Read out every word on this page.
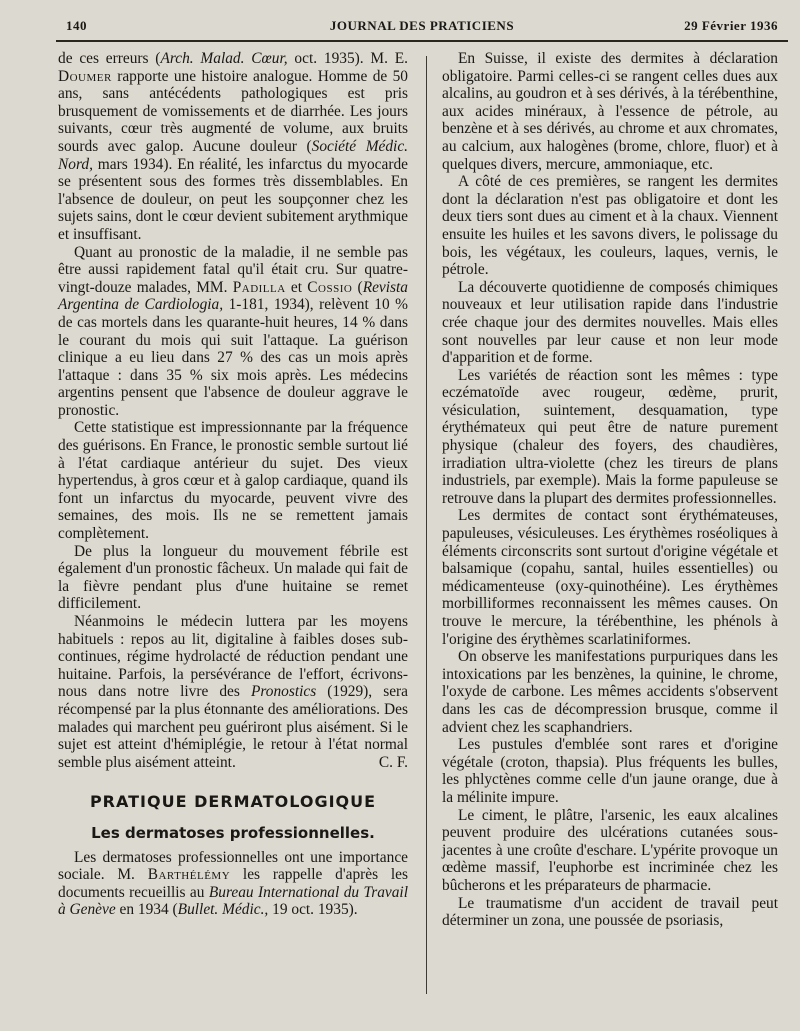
140	JOURNAL DES PRATICIENS	29 Février 1936

de ces erreurs (Arch. Malad. Cœur, oct. 1935). M. E. Doumer rapporte une histoire analogue. Homme de 50 ans, sans antécédents pathologiques est pris brusquement de vomissements et de diarrhée. Les jours suivants, cœur très augmenté de volume, aux bruits sourds avec galop. Aucune douleur (Société Médic. Nord, mars 1934). En réalité, les infarctus du myocarde se présentent sous des formes très dissemblables. En l'absence de douleur, on peut les soupçonner chez les sujets sains, dont le cœur devient subitement arythmique et insuffisant.

Quant au pronostic de la maladie, il ne semble pas être aussi rapidement fatal qu'il était cru. Sur quatre-vingt-douze malades, MM. Padilla et Cossio (Revista Argentina de Cardiologia, 1-181, 1934), relèvent 10 % de cas mortels dans les quarante-huit heures, 14 % dans le courant du mois qui suit l'attaque. La guérison clinique a eu lieu dans 27 % des cas un mois après l'attaque : dans 35 % six mois après. Les médecins argentins pensent que l'absence de douleur aggrave le pronostic.

Cette statistique est impressionnante par la fréquence des guérisons. En France, le pronostic semble surtout lié à l'état cardiaque antérieur du sujet. Des vieux hypertendus, à gros cœur et à galop cardiaque, quand ils font un infarctus du myocarde, peuvent vivre des semaines, des mois. Ils ne se remettent jamais complètement.

De plus la longueur du mouvement fébrile est également d'un pronostic fâcheux. Un malade qui fait de la fièvre pendant plus d'une huitaine se remet difficilement.

Néanmoins le médecin luttera par les moyens habituels : repos au lit, digitaline à faibles doses sub-continues, régime hydrolacté de réduction pendant une huitaine. Parfois, la persévérance de l'effort, écrivons-nous dans notre livre des Pronostics (1929), sera récompensé par la plus étonnante des améliorations. Des malades qui marchent peu guériront plus aisément. Si le sujet est atteint d'hémiplégie, le retour à l'état normal semble plus aisément atteint.	C. F.

PRATIQUE DERMATOLOGIQUE
Les dermatoses professionnelles.

Les dermatoses professionnelles ont une importance sociale. M. Barthélémy les rappelle d'après les documents recueillis au Bureau International du Travail à Genève en 1934 (Bullet. Médic., 19 oct. 1935).

En Suisse, il existe des dermites à déclaration obligatoire. Parmi celles-ci se rangent celles dues aux alcalins, au goudron et à ses dérivés, à la térébenthine, aux acides minéraux, à l'essence de pétrole, au benzène et à ses dérivés, au chrome et aux chromates, au calcium, aux halogènes (brome, chlore, fluor) et à quelques divers, mercure, ammoniaque, etc.

A côté de ces premières, se rangent les dermites dont la déclaration n'est pas obligatoire et dont les deux tiers sont dues au ciment et à la chaux. Viennent ensuite les huiles et les savons divers, le polissage du bois, les végétaux, les couleurs, laques, vernis, le pétrole.

La découverte quotidienne de composés chimiques nouveaux et leur utilisation rapide dans l'industrie crée chaque jour des dermites nouvelles. Mais elles sont nouvelles par leur cause et non leur mode d'apparition et de forme.

Les variétés de réaction sont les mêmes : type eczématoïde avec rougeur, œdème, prurit, vésiculation, suintement, desquamation, type érythémateux qui peut être de nature purement physique (chaleur des foyers, des chaudières, irradiation ultra-violette (chez les tireurs de plans industriels, par exemple). Mais la forme papuleuse se retrouve dans la plupart des dermites professionnelles.

Les dermites de contact sont érythémateuses, papuleuses, vésiculeuses. Les érythèmes roséoliques à éléments circonscrits sont surtout d'origine végétale et balsamique (copahu, santal, huiles essentielles) ou médicamenteuse (oxy-quinothéine). Les érythèmes morbilliformes reconnaissent les mêmes causes. On trouve le mercure, la térébenthine, les phénols à l'origine des érythèmes scarlatiniformes.

On observe les manifestations purpuriques dans les intoxications par les benzènes, la quinine, le chrome, l'oxyde de carbone. Les mêmes accidents s'observent dans les cas de décompression brusque, comme il advient chez les scaphandriers.

Les pustules d'emblée sont rares et d'origine végétale (croton, thapsia). Plus fréquents les bulles, les phlyctènes comme celle d'un jaune orange, due à la mélinite impure.

Le ciment, le plâtre, l'arsenic, les eaux alcalines peuvent produire des ulcérations cutanées sous-jacentes à une croûte d'eschare. L'ypérite provoque un œdème massif, l'euphorbe est incriminée chez les bûcherons et les préparateurs de pharmacie.

Le traumatisme d'un accident de travail peut déterminer un zona, une poussée de psoriasis,
